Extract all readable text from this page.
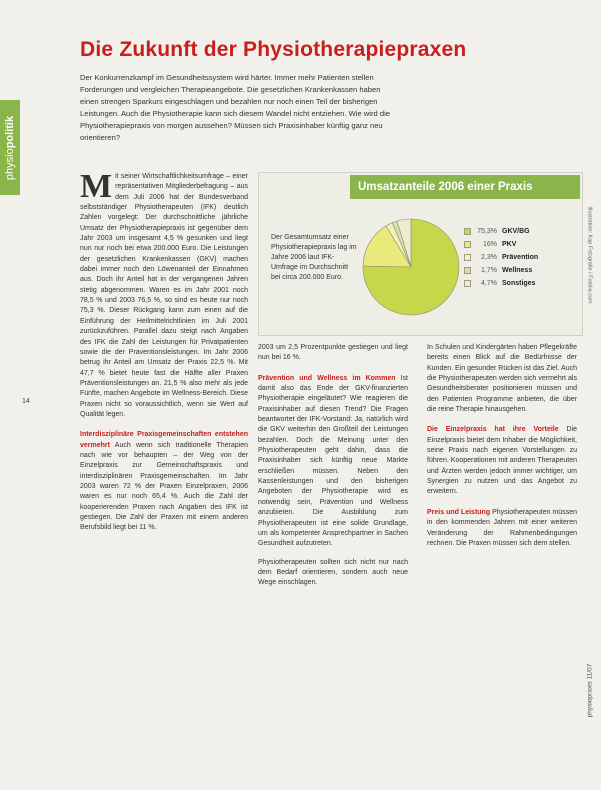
Die Zukunft der Physiotherapiepraxen
Der Konkurrenzkampf im Gesundheitssystem wird härter. Immer mehr Patienten stellen Forderungen und vergleichen Therapieangebote. Die gesetzlichen Krankenkassen haben einen strengen Sparkurs eingeschlagen und bezahlen nur noch einen Teil der bisherigen Leistungen. Auch die Physiotherapie kann sich diesem Wandel nicht entziehen. Wie wird die Physiotherapiepraxis von morgen aussehen? Müssen sich Praxisinhaber künftig ganz neu orientieren?
physiopolitik
14
Umsatzanteile 2006 einer Praxis
Der Gesamtumsatz einer Physiotherapiepraxis lag im Jahre 2006 laut IFK-Umfrage im Durchschnitt bei circa 200.000 Euro.
75,3% GKV/BG
16% PKV
2,3% Prävention
1,7% Wellness
4,7% Sonstiges

Mit seiner Wirtschaftlichkeitsumfrage – einer repräsentativen Mitgliederbefragung – aus dem Juli 2006 hat der Bundesverband selbstständiger Physiotherapeuten (IFK) deutlich Zahlen vorgelegt: Der durchschnittliche jährliche Umsatz der Physiotherapiepraxis ist gegenüber dem Jahr 2003 um insgesamt 4,5 % gesunken und liegt nun nur noch bei etwa 200.000 Euro. Die Leistungen der gesetzlichen Krankenkassen (GKV) machen dabei immer noch den Löwenanteil der Einnahmen aus. Doch ihr Anteil hat in der vergangenen Jahren stetig abgenommen. Waren es im Jahr 2001 noch 78,5 % und 2003 76,5 %, so sind es heute nur noch 75,3 %. Dieser Rückgang kann zum einen auf die Einführung der Heilmittelrichtlinien im Juli 2001 zurückzuführen. Parallel dazu steigt nach Angaben des IFK die Zahl der Leistungen für Privatpatienten sowie die der Praventionsleistungen. Im Jahr 2006 betrug ihr Anteil am Umsatz der Praxis 22,5 %. Mit 47,7 % bietet heute fast die Hälfte aller Praxen Präventionsleistungen an. 21,5 % also mehr als jede Fünfte, machen Angebote im Wellness-Bereich. Diese Praxen nicht so voraussichtlich, wenn sie Wert auf Qualität legen.

Interdisziplinäre Praxisgemeinschaften entstehen vermehrt Auch wenn sich traditionelle Therapien nach wie vor behaupten – der Weg von der Einzelpraxis zur Gemeinschaftspraxis und interdisziplinären Praxisgemeinschaften. Im Jahr 2003 waren 72 % der Praxen Einzelpraxen, 2006 waren es nur noch 65,4 %. Auch die Zahl der kooperierenden Praxen nach Angaben des IFK ist gestiegen. Die Zahl der Praxen mit einem anderen Berufsbild liegt bei 11 %.

2003 um 2,5 Prozentpunkte gestiegen und liegt nun bei 16 %.

Prävention und Wellness im Kommen Ist damit also das Ende der GKV-finanzierten Physiotherapie eingeläutet? Wie reagieren die Praxisinhaber auf diesen Trend? Die Fragen beantwortet der IFK-Vorstand: Ja, natürlich wird die GKV weiterhin den Großteil der Leistungen bezahlen. Doch die Meinung unter den Physiotherapeuten geht dahin, dass die Praxisinhaber sich künftig neue Märkte erschließen müssen. Neben den Kassenleistungen und den bisherigen Angeboten der Physiotherapie wird es notwendig sein, Prävention und Wellness anzubieten. Die Ausbildung zum Physiotherapeuten ist eine solide Grundlage, um als kompetenter Ansprechpartner in Sachen Gesundheit aufzutreten.

Physiotherapeuten sollten sich nicht nur nach dem Bedarf orientieren, sondern auch neue Wege einschlagen.

In Schulen und Kindergärten haben Pflegekräfte bereits einen Blick auf die Bedürfnisse der Kunden. Ein gesunder Rücken ist das Ziel. Auch die Physiotherapeuten werden sich vermehrt als Gesundheitsberater positionieren müssen und den Patienten Programme anbieten, die über die reine Therapie hinausgehen.

Die Einzelpraxis hat ihre Vorteile Die Einzelpraxis bietet dem Inhaber die Möglichkeit, seine Praxis nach eigenen Vorstellungen zu führen. Kooperationen mit anderen Therapeuten und Ärzten werden jedoch immer wichtiger, um Synergien zu nutzen und das Angebot zu erweitern.

Preis und Leistung Physiotherapeuten müssen in den kommenden Jahren mit einer weiteren Veränderung der Rahmenbedingungen rechnen. Die Praxen müssen sich dem stellen.

Illustration: Kap Fotografie / Fotolia.com
physiopraxis 11/07
